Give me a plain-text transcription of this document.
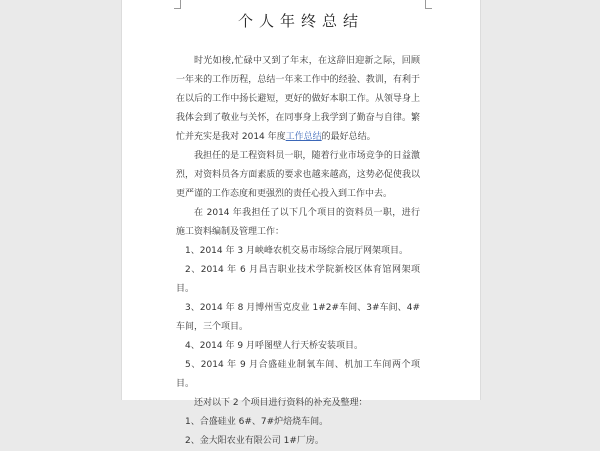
个人年终总结

时光如梭,忙碌中又到了年末，在这辞旧迎新之际，回顾一年来的工作历程，总结一年来工作中的经验、教训，有利于在以后的工作中扬长避短，更好的做好本职工作。从领导身上我体会到了敬业与关怀，在同事身上我学到了勤奋与自律。繁忙并充实是我对 2014 年度工作总结的最好总结。

我担任的是工程资料员一职，随着行业市场竞争的日益激烈，对资料员各方面素质的要求也越来越高，这势必促使我以更严谨的工作态度和更强烈的责任心投入到工作中去。

在 2014 年我担任了以下几个项目的资料员一职，进行施工资料编制及管理工作：

1、2014 年 3 月峡峰农机交易市场综合展厅网架项目。

2、2014 年 6 月昌吉职业技术学院新校区体育馆网架项目。

3、2014 年 8 月博州雪克皮业 1#2#车间、3#车间、4#车间，三个项目。

4、2014 年 9 月呼图壁人行天桥安装项目。

5、2014 年 9 月合盛硅业制氧车间、机加工车间两个项目。

还对以下 2 个项目进行资料的补充及整理：

1、合盛硅业 6#、7#炉焙烧车间。

2、金大阳农业有限公司 1#厂房。
